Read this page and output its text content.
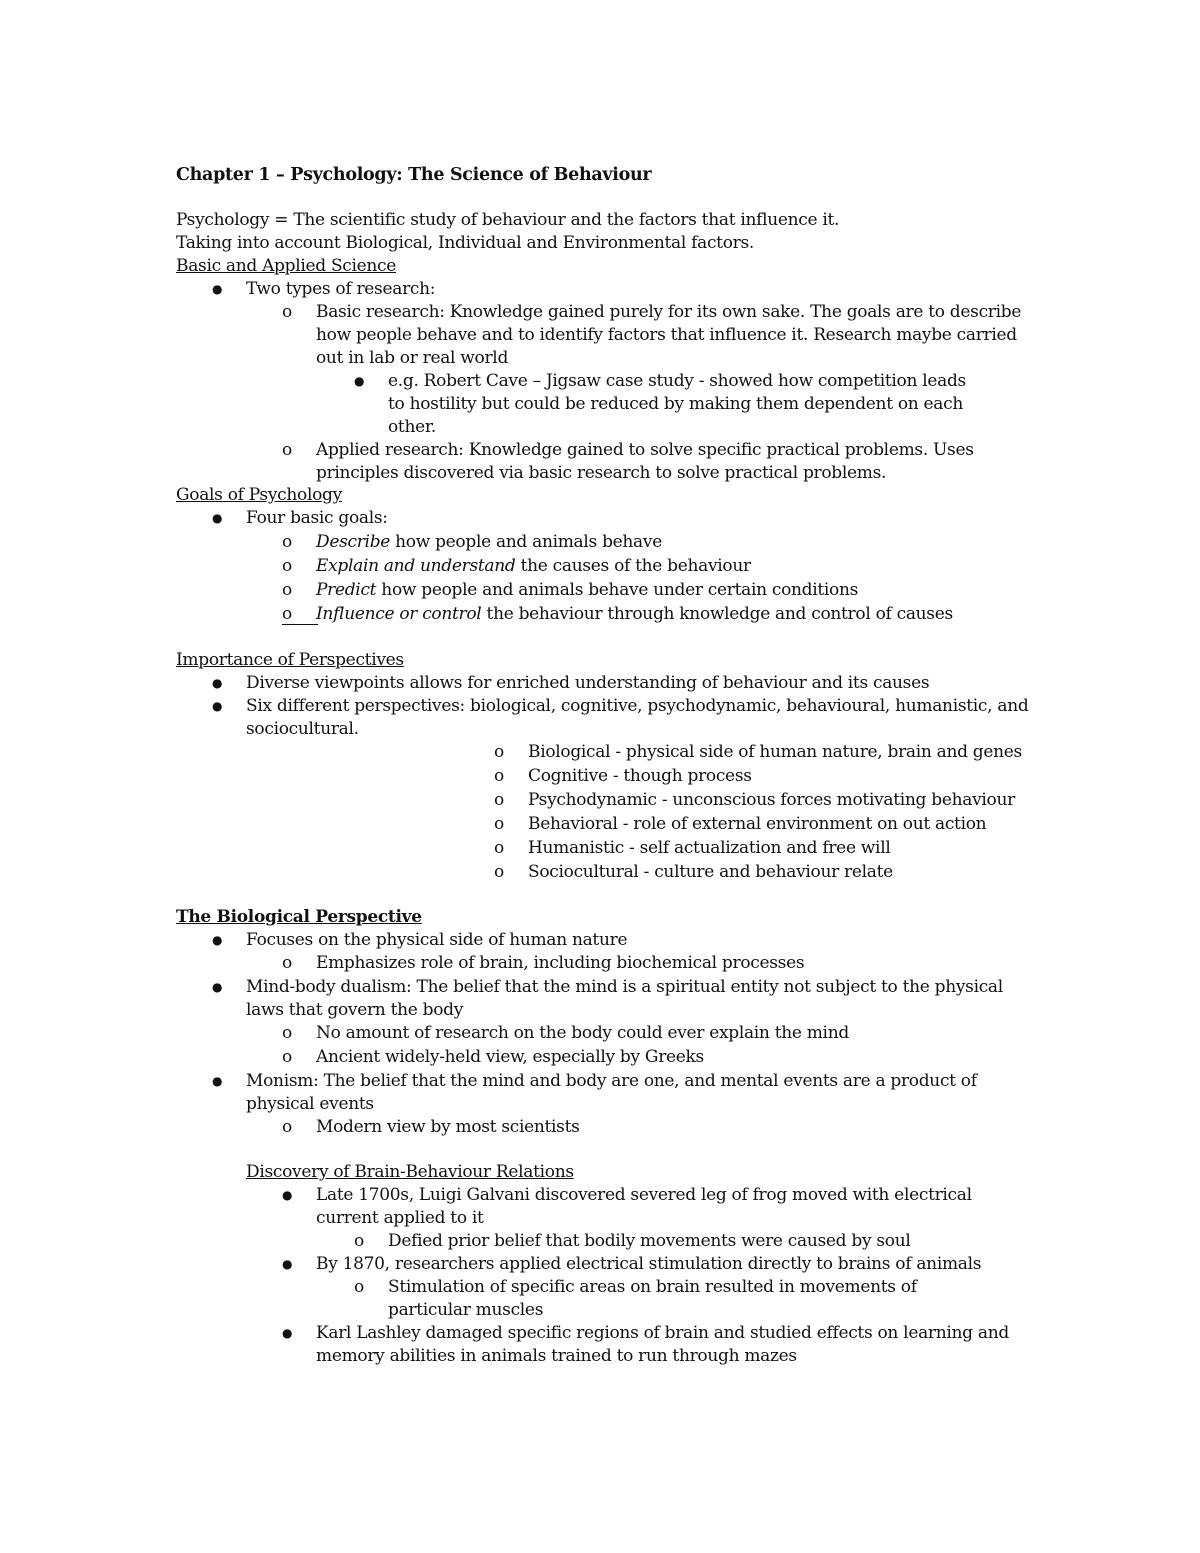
Chapter 1 – Psychology: The Science of Behaviour
Psychology = The scientific study of behaviour and the factors that influence it.
Taking into account Biological, Individual and Environmental factors.
Basic and Applied Science
● Two types of research:
o Basic research: Knowledge gained purely for its own sake. The goals are to describe how people behave and to identify factors that influence it. Research maybe carried out in lab or real world
● e.g. Robert Cave – Jigsaw case study - showed how competition leads to hostility but could be reduced by making them dependent on each other.
o Applied research: Knowledge gained to solve specific practical problems. Uses principles discovered via basic research to solve practical problems.
Goals of Psychology
● Four basic goals:
o Describe how people and animals behave
o Explain and understand the causes of the behaviour
o Predict how people and animals behave under certain conditions
o Influence or control the behaviour through knowledge and control of causes
Importance of Perspectives
● Diverse viewpoints allows for enriched understanding of behaviour and its causes
● Six different perspectives: biological, cognitive, psychodynamic, behavioural, humanistic, and sociocultural.
o Biological - physical side of human nature, brain and genes
o Cognitive - though process
o Psychodynamic - unconscious forces motivating behaviour
o Behavioral - role of external environment on out action
o Humanistic - self actualization and free will
o Sociocultural - culture and behaviour relate
The Biological Perspective
● Focuses on the physical side of human nature
o Emphasizes role of brain, including biochemical processes
● Mind-body dualism: The belief that the mind is a spiritual entity not subject to the physical laws that govern the body
o No amount of research on the body could ever explain the mind
o Ancient widely-held view, especially by Greeks
● Monism: The belief that the mind and body are one, and mental events are a product of physical events
o Modern view by most scientists
Discovery of Brain-Behaviour Relations
● Late 1700s, Luigi Galvani discovered severed leg of frog moved with electrical current applied to it
o Defied prior belief that bodily movements were caused by soul
● By 1870, researchers applied electrical stimulation directly to brains of animals
o Stimulation of specific areas on brain resulted in movements of particular muscles
● Karl Lashley damaged specific regions of brain and studied effects on learning and memory abilities in animals trained to run through mazes
